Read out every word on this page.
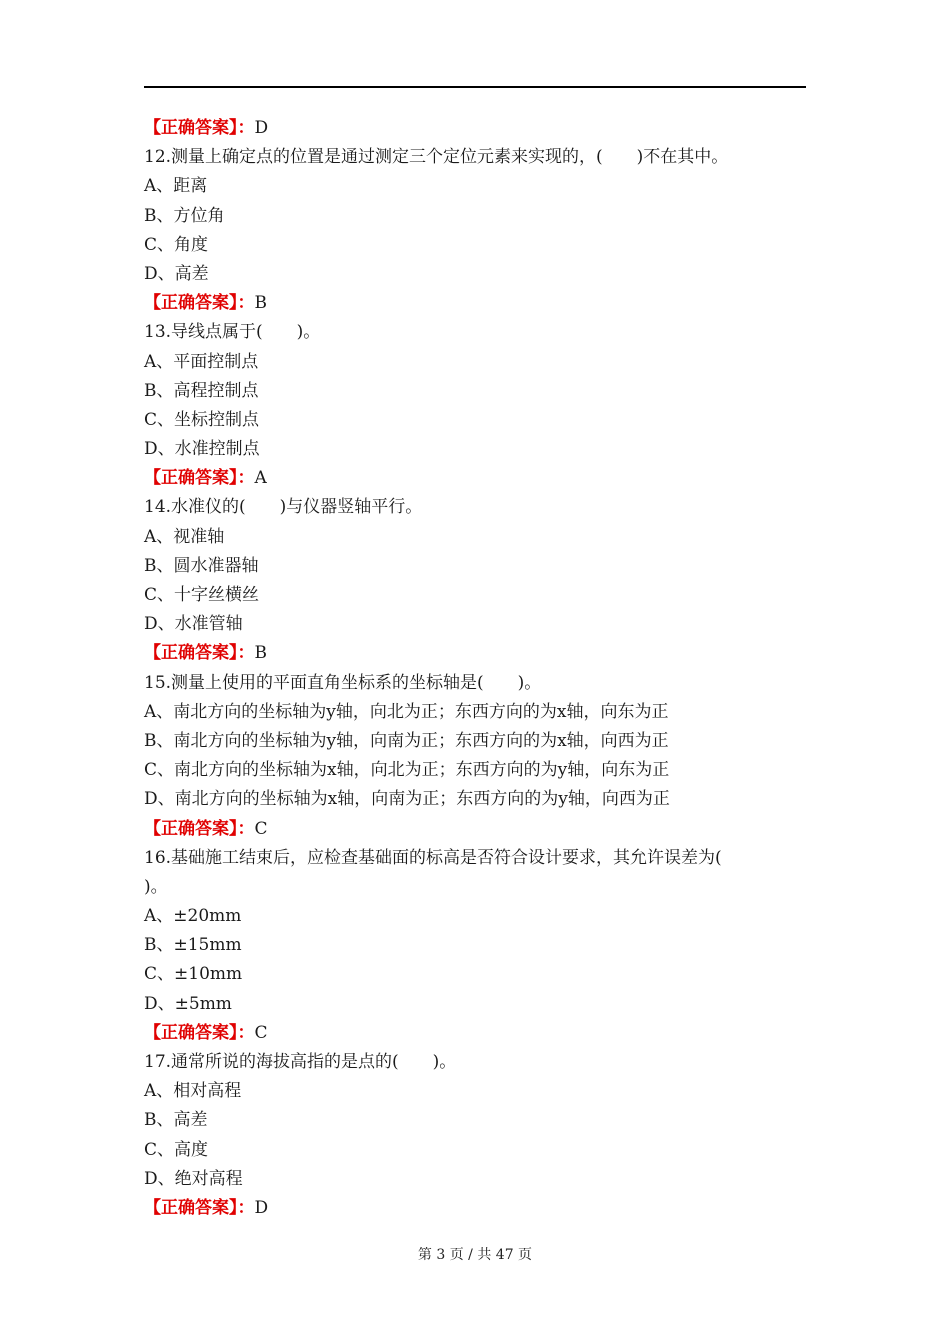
【正确答案】：D
12.测量上确定点的位置是通过测定三个定位元素来实现的，(　　)不在其中。
A、距离
B、方位角
C、角度
D、高差
【正确答案】：B
13.导线点属于(　　)。
A、平面控制点
B、高程控制点
C、坐标控制点
D、水准控制点
【正确答案】：A
14.水准仪的(　　)与仪器竖轴平行。
A、视准轴
B、圆水准器轴
C、十字丝横丝
D、水准管轴
【正确答案】：B
15.测量上使用的平面直角坐标系的坐标轴是(　　)。
A、南北方向的坐标轴为y轴，向北为正；东西方向的为x轴，向东为正
B、南北方向的坐标轴为y轴，向南为正；东西方向的为x轴，向西为正
C、南北方向的坐标轴为x轴，向北为正；东西方向的为y轴，向东为正
D、南北方向的坐标轴为x轴，向南为正；东西方向的为y轴，向西为正
【正确答案】：C
16.基础施工结束后，应检查基础面的标高是否符合设计要求，其允许误差为(
)。
A、±20mm
B、±15mm
C、±10mm
D、±5mm
【正确答案】：C
17.通常所说的海拔高指的是点的(　　)。
A、相对高程
B、高差
C、高度
D、绝对高程
【正确答案】：D
第 3 页 / 共 47 页
